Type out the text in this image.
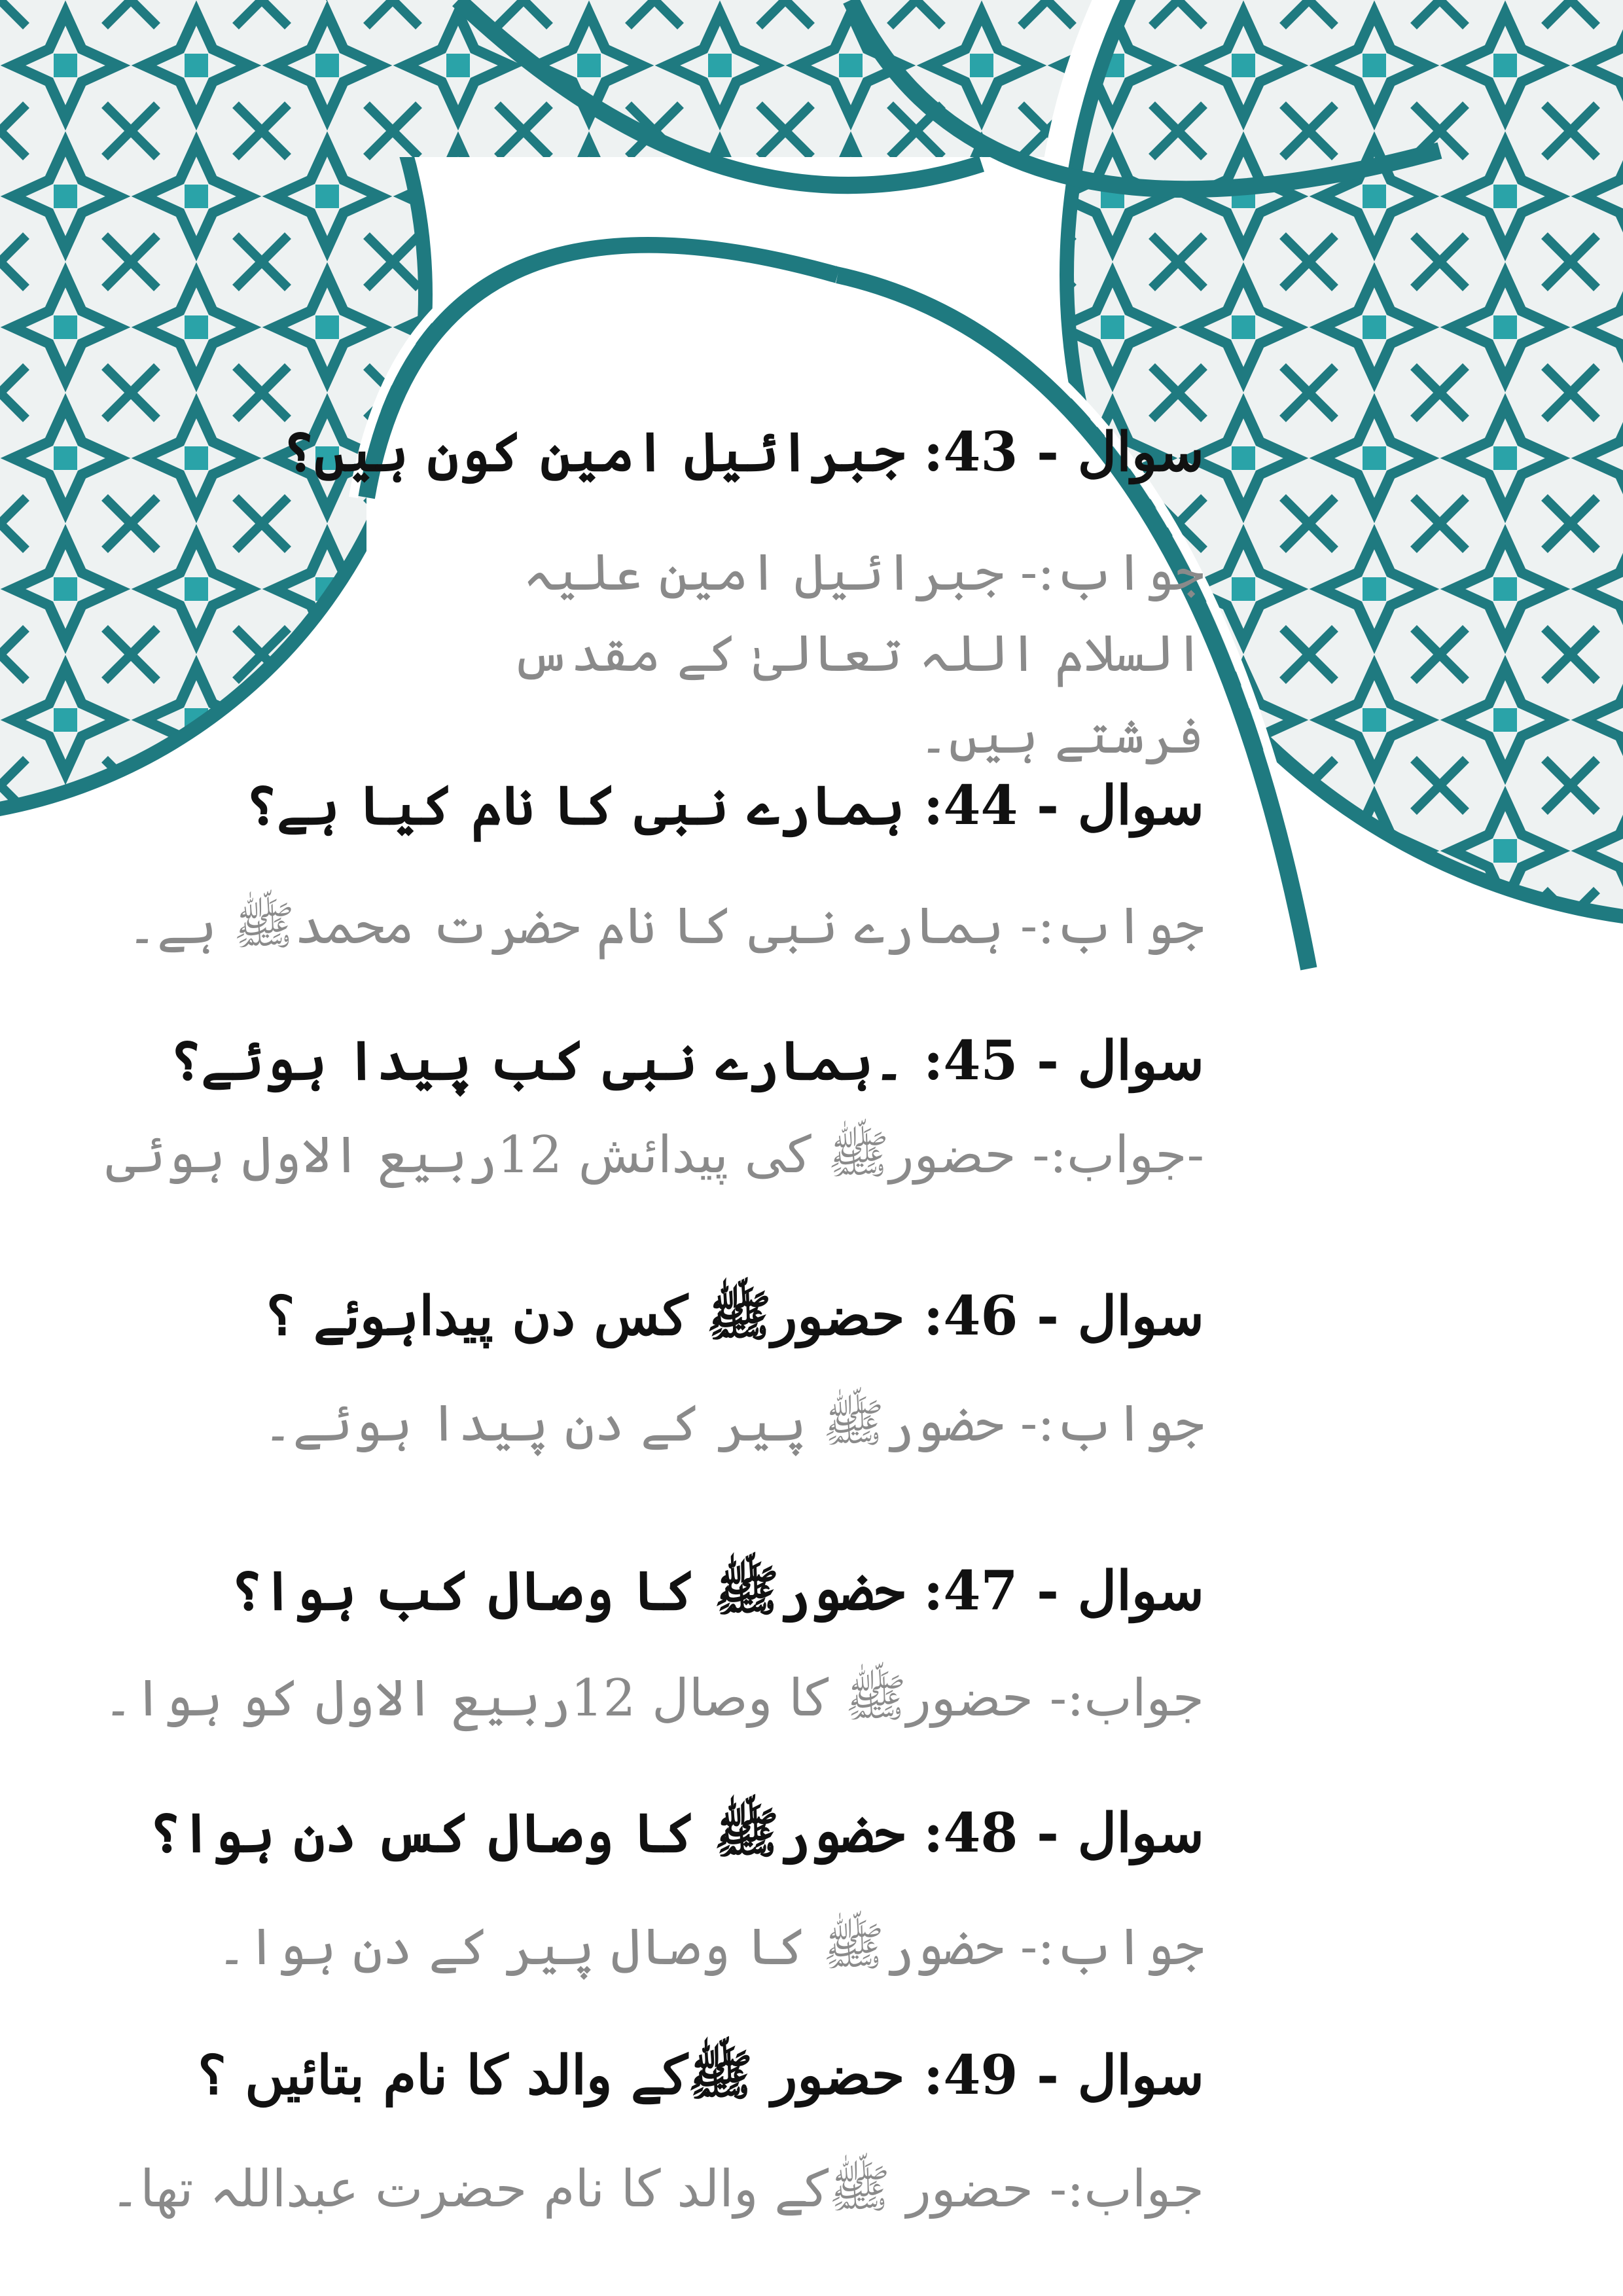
سوال - 43: جبرائیل امین کون ہیں؟
جواب:- جبرائیل امین علیہ السلام اللہ تعالیٰ کے مقدس فرشتے ہیں۔
سوال - 44: ہمارے نبی کا نام کیا ہے؟
جواب:- ہمارے نبی کا نام حضرت محمدﷺ ہے۔
سوال - 45: ۔ہمارے نبی کب پیدا ہوئے؟
-جواب:- حضورﷺ کی پیدائش 12ربیع الاول ہوئی
سوال - 46: حضورﷺ کس دن پیداہوئے ؟
جواب:- حضورﷺ پیر کے دن پیدا ہوئے۔
سوال - 47: حضورﷺ کا وصال کب ہوا؟
جواب:- حضورﷺ کا وصال 12ربیع الاول کو ہوا۔
سوال - 48: حضورﷺ کا وصال کس دن ہوا؟
جواب:- حضورﷺ کا وصال پیر کے دن ہوا۔
سوال - 49: حضور ﷺکے والد کا نام بتائیں ؟
جواب:- حضور ﷺکے والد کا نام حضرت عبداللہ تھا۔
